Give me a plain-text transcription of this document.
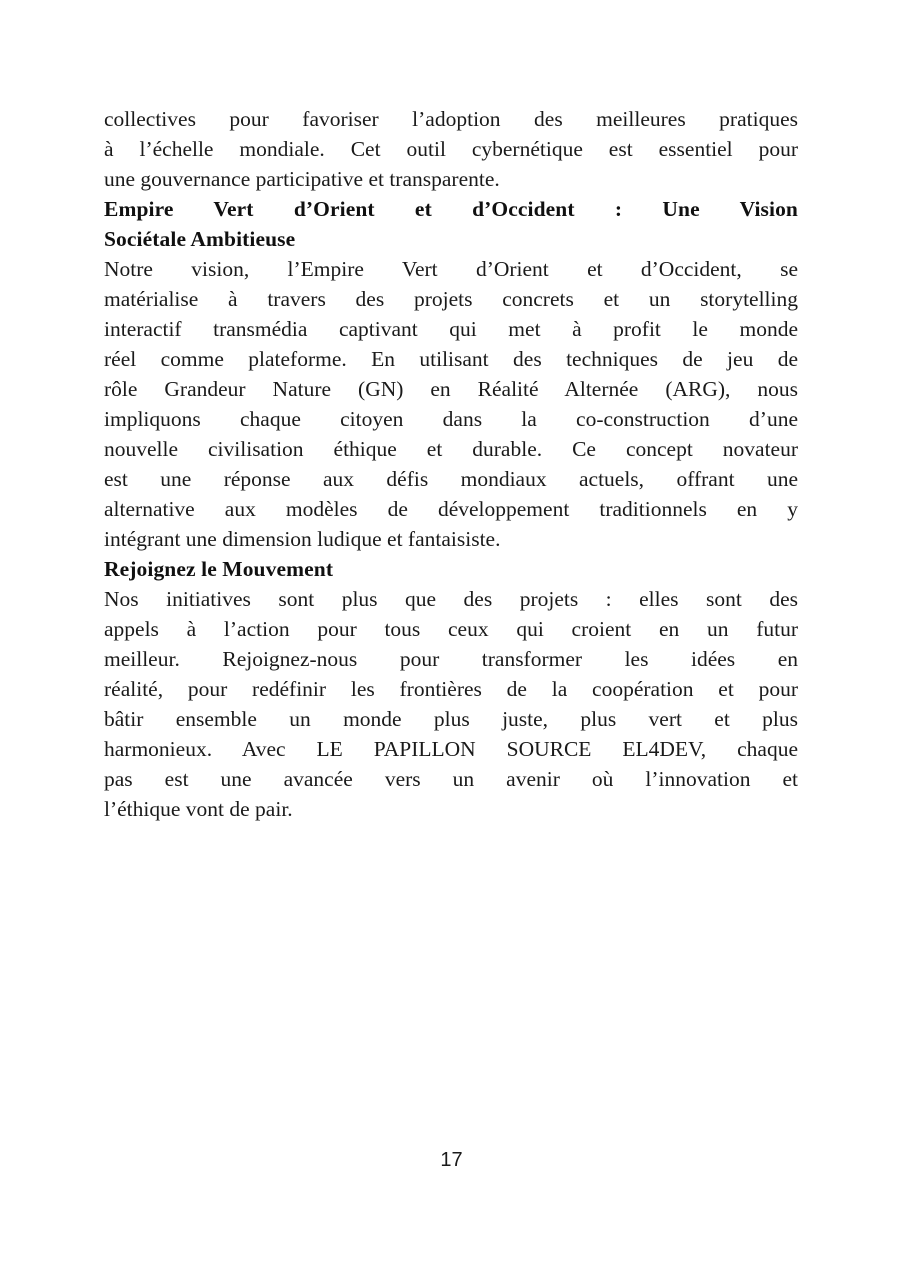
collectives pour favoriser l’adoption des meilleures pratiques
à l’échelle mondiale. Cet outil cybernétique est essentiel pour
une gouvernance participative et transparente.

Empire Vert d’Orient et d’Occident : Une Vision
Sociétale Ambitieuse

Notre vision, l’Empire Vert d’Orient et d’Occident, se
matérialise à travers des projets concrets et un storytelling
interactif transmédia captivant qui met à profit le monde
réel comme plateforme. En utilisant des techniques de jeu de
rôle Grandeur Nature (GN) en Réalité Alternée (ARG), nous
impliquons chaque citoyen dans la co-construction d’une
nouvelle civilisation éthique et durable. Ce concept novateur
est une réponse aux défis mondiaux actuels, offrant une
alternative aux modèles de développement traditionnels en y
intégrant une dimension ludique et fantaisiste.

Rejoignez le Mouvement

Nos initiatives sont plus que des projets : elles sont des
appels à l’action pour tous ceux qui croient en un futur
meilleur. Rejoignez-nous pour transformer les idées en
réalité, pour redéfinir les frontières de la coopération et pour
bâtir ensemble un monde plus juste, plus vert et plus
harmonieux. Avec LE PAPILLON SOURCE EL4DEV, chaque
pas est une avancée vers un avenir où l’innovation et
l’éthique vont de pair.

17
